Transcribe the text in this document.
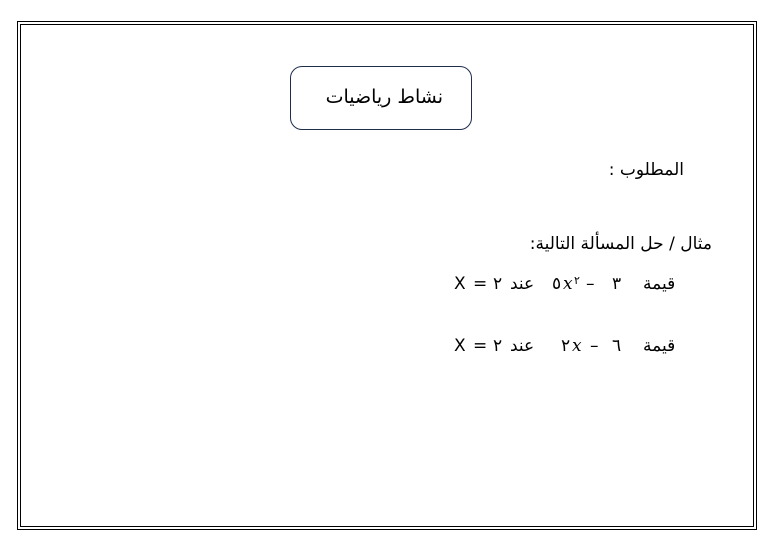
نشاط رياضيات
المطلوب :
مثال / حل المسألة التالية:
قيمة
٣
–
٥ x ٢
عند
٢
=
X
قيمة
٦
–
٢ x
عند
٢
=
X
